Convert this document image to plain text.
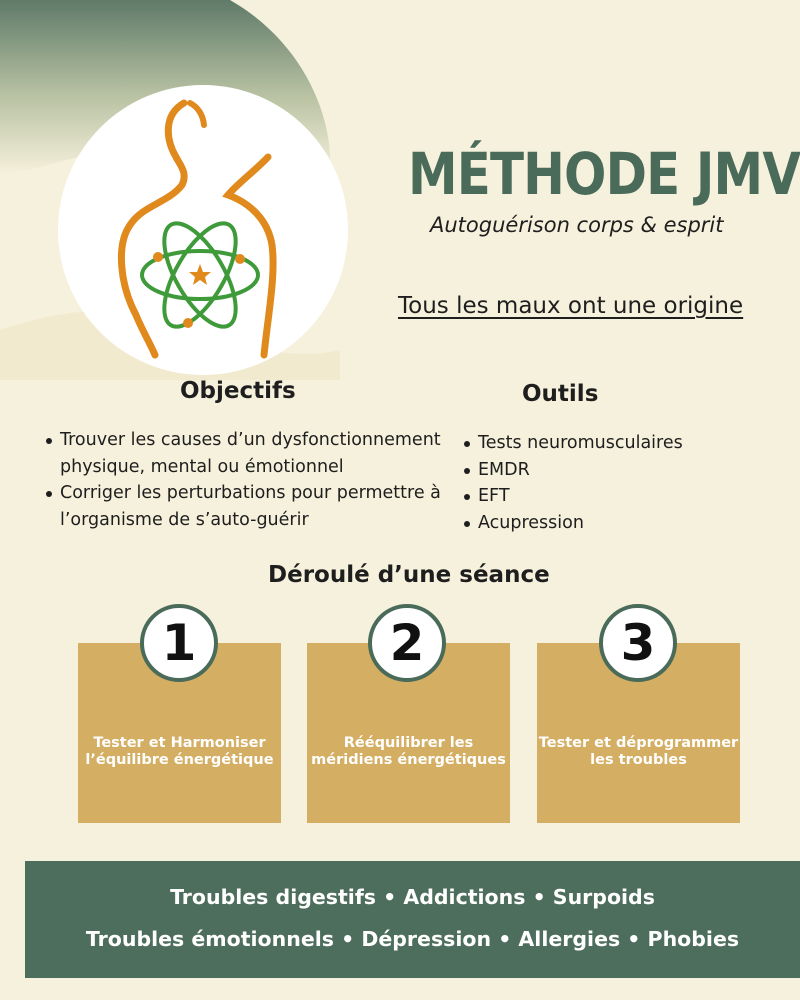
MÉTHODE JMV
Autoguérison corps & esprit
Tous les maux ont une origine
Objectifs
Trouver les causes d’un dysfonctionnement physique, mental ou émotionnel
Corriger les perturbations pour permettre à l’organisme de s’auto-guérir
Outils
Tests neuromusculaires
EMDR
EFT
Acupression
Déroulé d’une séance
Tester et Harmoniser l’équilibre énergétique
Rééquilibrer les méridiens énergétiques
Tester et déprogrammer les troubles
1	2	3
Troubles digestifs • Addictions • Surpoids
Troubles émotionnels • Dépression • Allergies • Phobies
